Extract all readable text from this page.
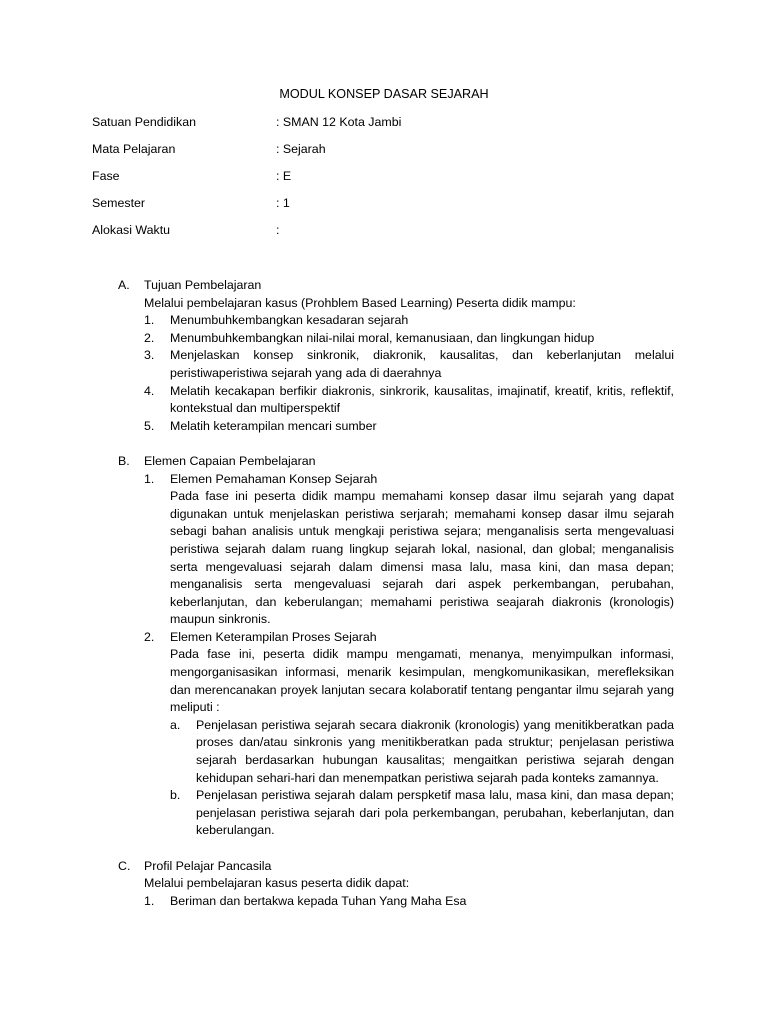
MODUL KONSEP DASAR SEJARAH
Satuan Pendidikan	: SMAN 12 Kota Jambi
Mata Pelajaran	: Sejarah
Fase	: E
Semester	: 1
Alokasi Waktu	:
A. Tujuan Pembelajaran

Melalui pembelajaran kasus (Prohblem Based Learning) Peserta didik mampu:

1. Menumbuhkembangkan kesadaran sejarah

2. Menumbuhkembangkan nilai-nilai moral, kemanusiaan, dan lingkungan hidup

3. Menjelaskan konsep sinkronik, diakronik, kausalitas, dan keberlanjutan melalui peristiwaperistiwa sejarah yang ada di daerahnya

4. Melatih kecakapan berfikir diakronis, sinkrorik, kausalitas, imajinatif, kreatif, kritis, reflektif, kontekstual dan multiperspektif

5. Melatih keterampilan mencari sumber

B. Elemen Capaian Pembelajaran

1. Elemen Pemahaman Konsep Sejarah

Pada fase ini peserta didik mampu memahami konsep dasar ilmu sejarah yang dapat digunakan untuk menjelaskan peristiwa serjarah; memahami konsep dasar ilmu sejarah sebagi bahan analisis untuk mengkaji peristiwa sejara; menganalisis serta mengevaluasi peristiwa sejarah dalam ruang lingkup sejarah lokal, nasional, dan global; menganalisis serta mengevaluasi sejarah dalam dimensi masa lalu, masa kini, dan masa depan; menganalisis serta mengevaluasi sejarah dari aspek perkembangan, perubahan, keberlanjutan, dan keberulangan; memahami peristiwa seajarah diakronis (kronologis) maupun sinkronis.

2. Elemen Keterampilan Proses Sejarah

Pada fase ini, peserta didik mampu mengamati, menanya, menyimpulkan informasi, mengorganisasikan informasi, menarik kesimpulan, mengkomunikasikan, merefleksikan dan merencanakan proyek lanjutan secara kolaboratif tentang pengantar ilmu sejarah yang meliputi :

a. Penjelasan peristiwa sejarah secara diakronik (kronologis) yang menitikberatkan pada proses dan/atau sinkronis yang menitikberatkan pada struktur; penjelasan peristiwa sejarah berdasarkan hubungan kausalitas; mengaitkan peristiwa sejarah dengan kehidupan sehari-hari dan menempatkan peristiwa sejarah pada konteks zamannya.

b. Penjelasan peristiwa sejarah dalam perspketif masa lalu, masa kini, dan masa depan; penjelasan peristiwa sejarah dari pola perkembangan, perubahan, keberlanjutan, dan keberulangan.

C. Profil Pelajar Pancasila

Melalui pembelajaran kasus peserta didik dapat:

1. Beriman dan bertakwa kepada Tuhan Yang Maha Esa
